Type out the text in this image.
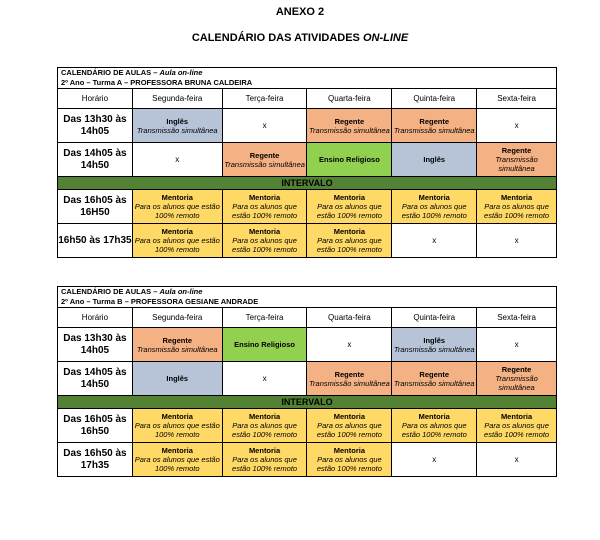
ANEXO 2
CALENDÁRIO DAS ATIVIDADES ON-LINE
CALENDÁRIO DE AULAS – Aula on-line
2º Ano – Turma A – PROFESSORA BRUNA CALDEIRA					

Horário	Segunda-feira	Terça-feira	Quarta-feira	Quinta-feira	Sexta-feira
Das 13h30 às 14h05	Inglês
Transmissão simultânea	x	Regente
Transmissão simultânea	Regente
Transmissão simultânea	x
Das 14h05 às 14h50	x	Regente
Transmissão simultânea	Ensino Religioso	Inglês	Regente
Transmissão simultânea

INTERVALO					
Das 16h05 às 16H50	Mentoria
Para os alunos que estão 100% remoto	Mentoria
Para os alunos que estão 100% remoto	Mentoria
Para os alunos que estão 100% remoto	Mentoria
Para os alunos que estão 100% remoto	Mentoria
Para os alunos que estão 100% remoto

16h50 às 17h35	Mentoria
Para os alunos que estão 100% remoto	Mentoria
Para os alunos que estão 100% remoto	Mentoria
Para os alunos que estão 100% remoto	x	x
CALENDÁRIO DE AULAS – Aula on-line
2º Ano – Turma B – PROFESSORA GESIANE ANDRADE					

Horário	Segunda-feira	Terça-feira	Quarta-feira	Quinta-feira	Sexta-feira
Das 13h30 às 14h05	Regente
Transmissão simultânea	Ensino Religioso	x	Inglês
Transmissão simultânea	x
Das 14h05 às 14h50	Inglês	x	Regente
Transmissão simultânea	Regente
Transmissão simultânea	Regente
Transmissão simultânea

INTERVALO					
Das 16h05 às 16h50	Mentoria
Para os alunos que estão 100% remoto	Mentoria
Para os alunos que estão 100% remoto	Mentoria
Para os alunos que estão 100% remoto	Mentoria
Para os alunos que estão 100% remoto	Mentoria
Para os alunos que estão 100% remoto

Das 16h50 às 17h35	Mentoria
Para os alunos que estão 100% remoto	Mentoria
Para os alunos que estão 100% remoto	Mentoria
Para os alunos que estão 100% remoto	x	x
